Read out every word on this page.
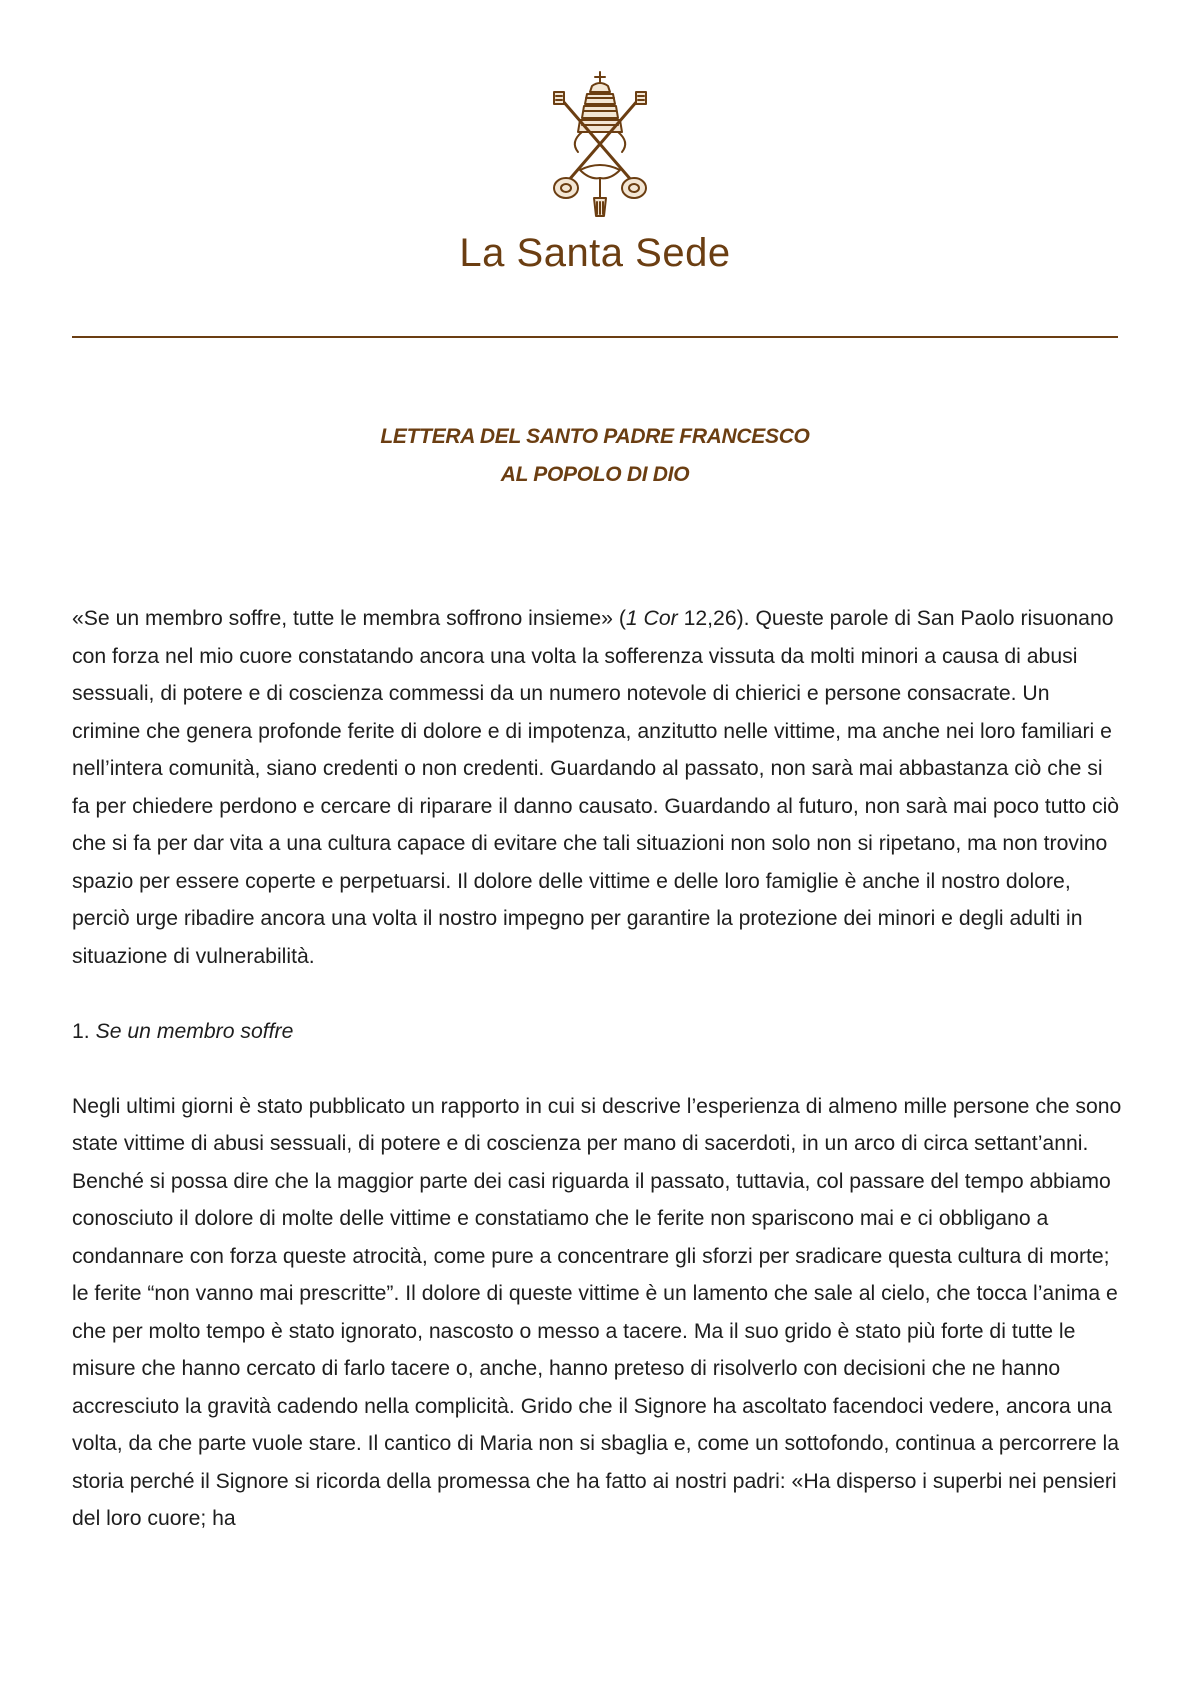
La Santa Sede
LETTERA DEL SANTO PADRE FRANCESCO
AL POPOLO DI DIO

«Se un membro soffre, tutte le membra soffrono insieme» (1 Cor 12,26). Queste parole di San Paolo risuonano con forza nel mio cuore constatando ancora una volta la sofferenza vissuta da molti minori a causa di abusi sessuali, di potere e di coscienza commessi da un numero notevole di chierici e persone consacrate. Un crimine che genera profonde ferite di dolore e di impotenza, anzitutto nelle vittime, ma anche nei loro familiari e nell’intera comunità, siano credenti o non credenti. Guardando al passato, non sarà mai abbastanza ciò che si fa per chiedere perdono e cercare di riparare il danno causato. Guardando al futuro, non sarà mai poco tutto ciò che si fa per dar vita a una cultura capace di evitare che tali situazioni non solo non si ripetano, ma non trovino spazio per essere coperte e perpetuarsi. Il dolore delle vittime e delle loro famiglie è anche il nostro dolore, perciò urge ribadire ancora una volta il nostro impegno per garantire la protezione dei minori e degli adulti in situazione di vulnerabilità.

1. Se un membro soffre

Negli ultimi giorni è stato pubblicato un rapporto in cui si descrive l’esperienza di almeno mille persone che sono state vittime di abusi sessuali, di potere e di coscienza per mano di sacerdoti, in un arco di circa settant’anni. Benché si possa dire che la maggior parte dei casi riguarda il passato, tuttavia, col passare del tempo abbiamo conosciuto il dolore di molte delle vittime e constatiamo che le ferite non spariscono mai e ci obbligano a condannare con forza queste atrocità, come pure a concentrare gli sforzi per sradicare questa cultura di morte; le ferite “non vanno mai prescritte”. Il dolore di queste vittime è un lamento che sale al cielo, che tocca l’anima e che per molto tempo è stato ignorato, nascosto o messo a tacere. Ma il suo grido è stato più forte di tutte le misure che hanno cercato di farlo tacere o, anche, hanno preteso di risolverlo con decisioni che ne hanno accresciuto la gravità cadendo nella complicità. Grido che il Signore ha ascoltato facendoci vedere, ancora una volta, da che parte vuole stare. Il cantico di Maria non si sbaglia e, come un sottofondo, continua a percorrere la storia perché il Signore si ricorda della promessa che ha fatto ai nostri padri: «Ha disperso i superbi nei pensieri del loro cuore; ha
